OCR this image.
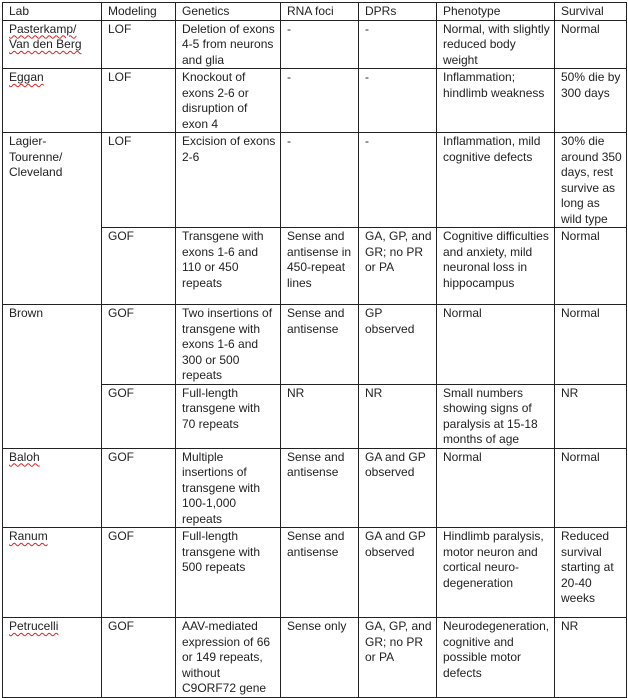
Lab	Modeling	Genetics	RNA foci	DPRs	Phenotype	Survival
Pasterkamp/ Van den Berg	LOF	Deletion of exons 4-5 from neurons and glia	-	-	Normal, with slightly reduced body weight	Normal
Eggan	LOF	Knockout of exons 2-6 or disruption of exon 4	-	-	Inflammation; hindlimb weakness	50% die by 300 days
Lagier-Tourenne/ Cleveland	LOF	Excision of exons 2-6	-	-	Inflammation, mild cognitive defects	30% die around 350 days, rest survive as long as wild type
	GOF	Transgene with exons 1-6 and 110 or 450 repeats	Sense and antisense in 450-repeat lines	GA, GP, and GR; no PR or PA	Cognitive difficulties and anxiety, mild neuronal loss in hippocampus	Normal
Brown	GOF	Two insertions of transgene with exons 1-6 and 300 or 500 repeats	Sense and antisense	GP observed	Normal	Normal
	GOF	Full-length transgene with 70 repeats	NR	NR	Small numbers showing signs of paralysis at 15-18 months of age	NR
Baloh	GOF	Multiple insertions of transgene with 100-1,000 repeats	Sense and antisense	GA and GP observed	Normal	Normal
Ranum	GOF	Full-length transgene with 500 repeats	Sense and antisense	GA and GP observed	Hindlimb paralysis, motor neuron and cortical neuro-degeneration	Reduced survival starting at 20-40 weeks
Petrucelli	GOF	AAV-mediated expression of 66 or 149 repeats, without C9ORF72 gene	Sense only	GA, GP, and GR; no PR or PA	Neurodegeneration, cognitive and possible motor defects	NR
